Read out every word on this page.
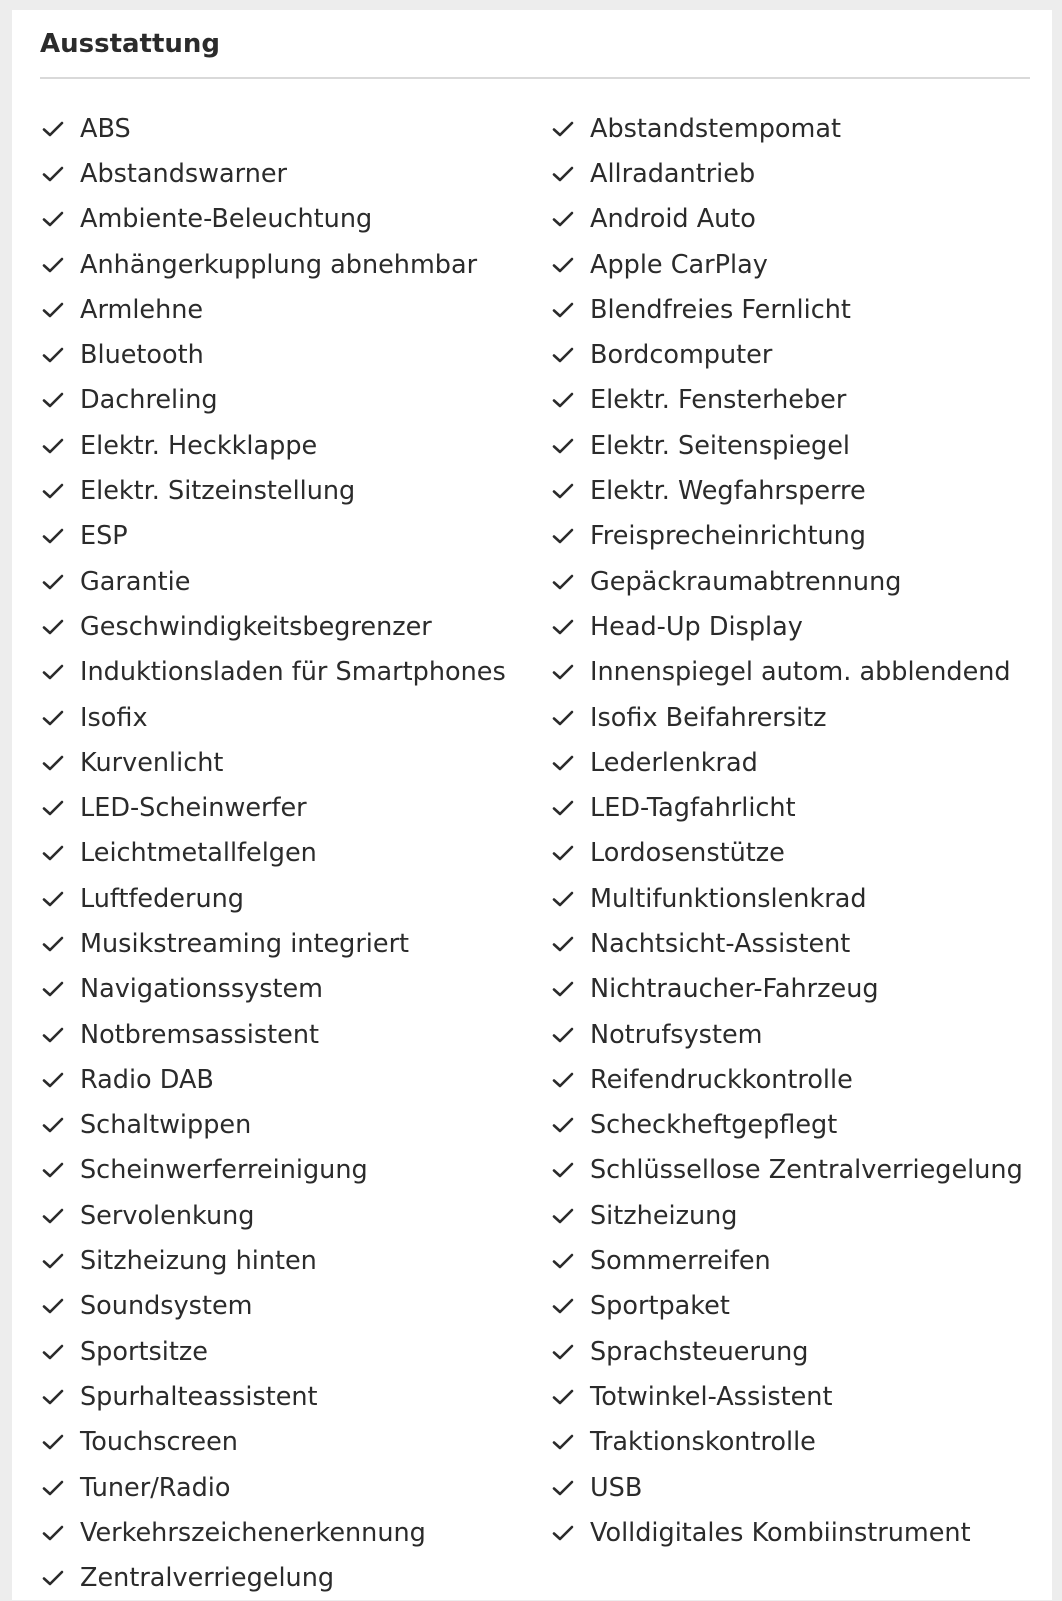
Ausstattung
ABS
Abstandswarner
Ambiente-Beleuchtung
Anhängerkupplung abnehmbar
Armlehne
Bluetooth
Dachreling
Elektr. Heckklappe
Elektr. Sitzeinstellung
ESP
Garantie
Geschwindigkeitsbegrenzer
Induktionsladen für Smartphones
Isofix
Kurvenlicht
LED-Scheinwerfer
Leichtmetallfelgen
Luftfederung
Musikstreaming integriert
Navigationssystem
Notbremsassistent
Radio DAB
Schaltwippen
Scheinwerferreinigung
Servolenkung
Sitzheizung hinten
Soundsystem
Sportsitze
Spurhalteassistent
Touchscreen
Tuner/Radio
Verkehrszeichenerkennung
Zentralverriegelung
Abstandstempomat
Allradantrieb
Android Auto
Apple CarPlay
Blendfreies Fernlicht
Bordcomputer
Elektr. Fensterheber
Elektr. Seitenspiegel
Elektr. Wegfahrsperre
Freisprecheinrichtung
Gepäckraumabtrennung
Head-Up Display
Innenspiegel autom. abblendend
Isofix Beifahrersitz
Lederlenkrad
LED-Tagfahrlicht
Lordosenstütze
Multifunktionslenkrad
Nachtsicht-Assistent
Nichtraucher-Fahrzeug
Notrufsystem
Reifendruckkontrolle
Scheckheftgepflegt
Schlüssellose Zentralverriegelung
Sitzheizung
Sommerreifen
Sportpaket
Sprachsteuerung
Totwinkel-Assistent
Traktionskontrolle
USB
Volldigitales Kombiinstrument
